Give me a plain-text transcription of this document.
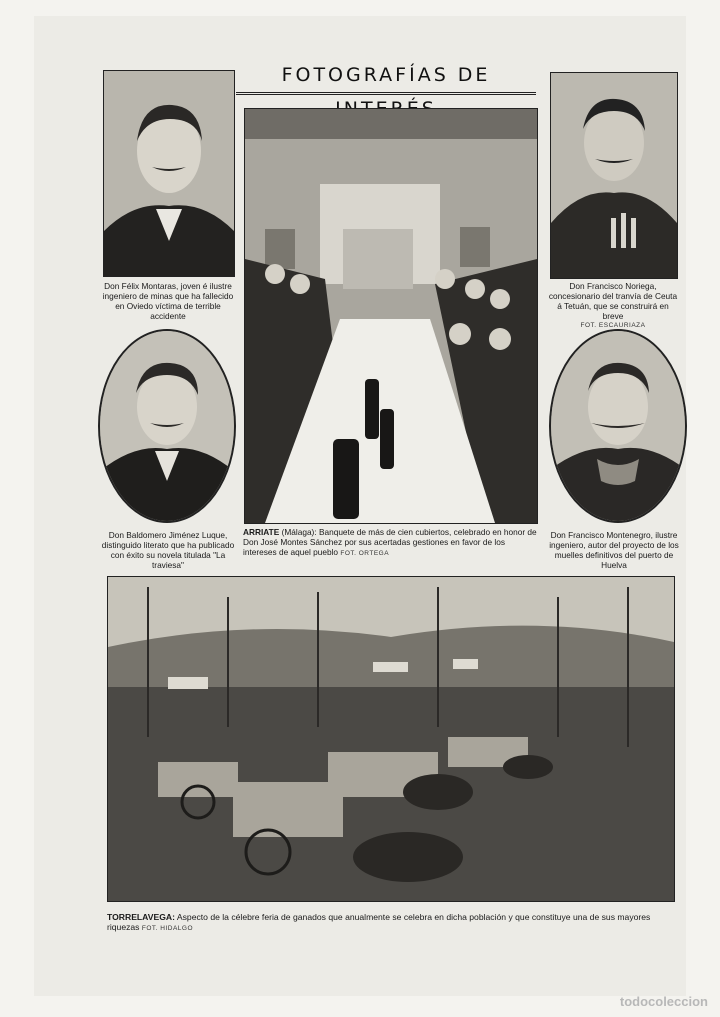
FOTOGRAFÍAS DE
Don Félix Montaras, joven é ilustre ingeniero de minas que ha fallecido en Oviedo víctima de terrible accidente
Don Baldomero Jiménez Luque, distinguido literato que ha publicado con éxito su novela titulada "La traviesa"
ARRIATE (Málaga): Banquete de más de cien cubiertos, celebrado en honor de Don José Montes Sánchez por sus acertadas gestiones en favor de los intereses de aquel pueblo FOT. ORTEGA
Don Francisco Noriega, concesionario del tranvía de Ceuta á Tetuán, que se construirá en breve
FOT. ESCAURIAZA
Don Francisco Montenegro, ilustre ingeniero, autor del proyecto de los muelles definitivos del puerto de Huelva
TORRELAVEGA: Aspecto de la célebre feria de ganados que anualmente se celebra en dicha población y que constituye una de sus mayores riquezas FOT. HIDALGO
todocoleccion
